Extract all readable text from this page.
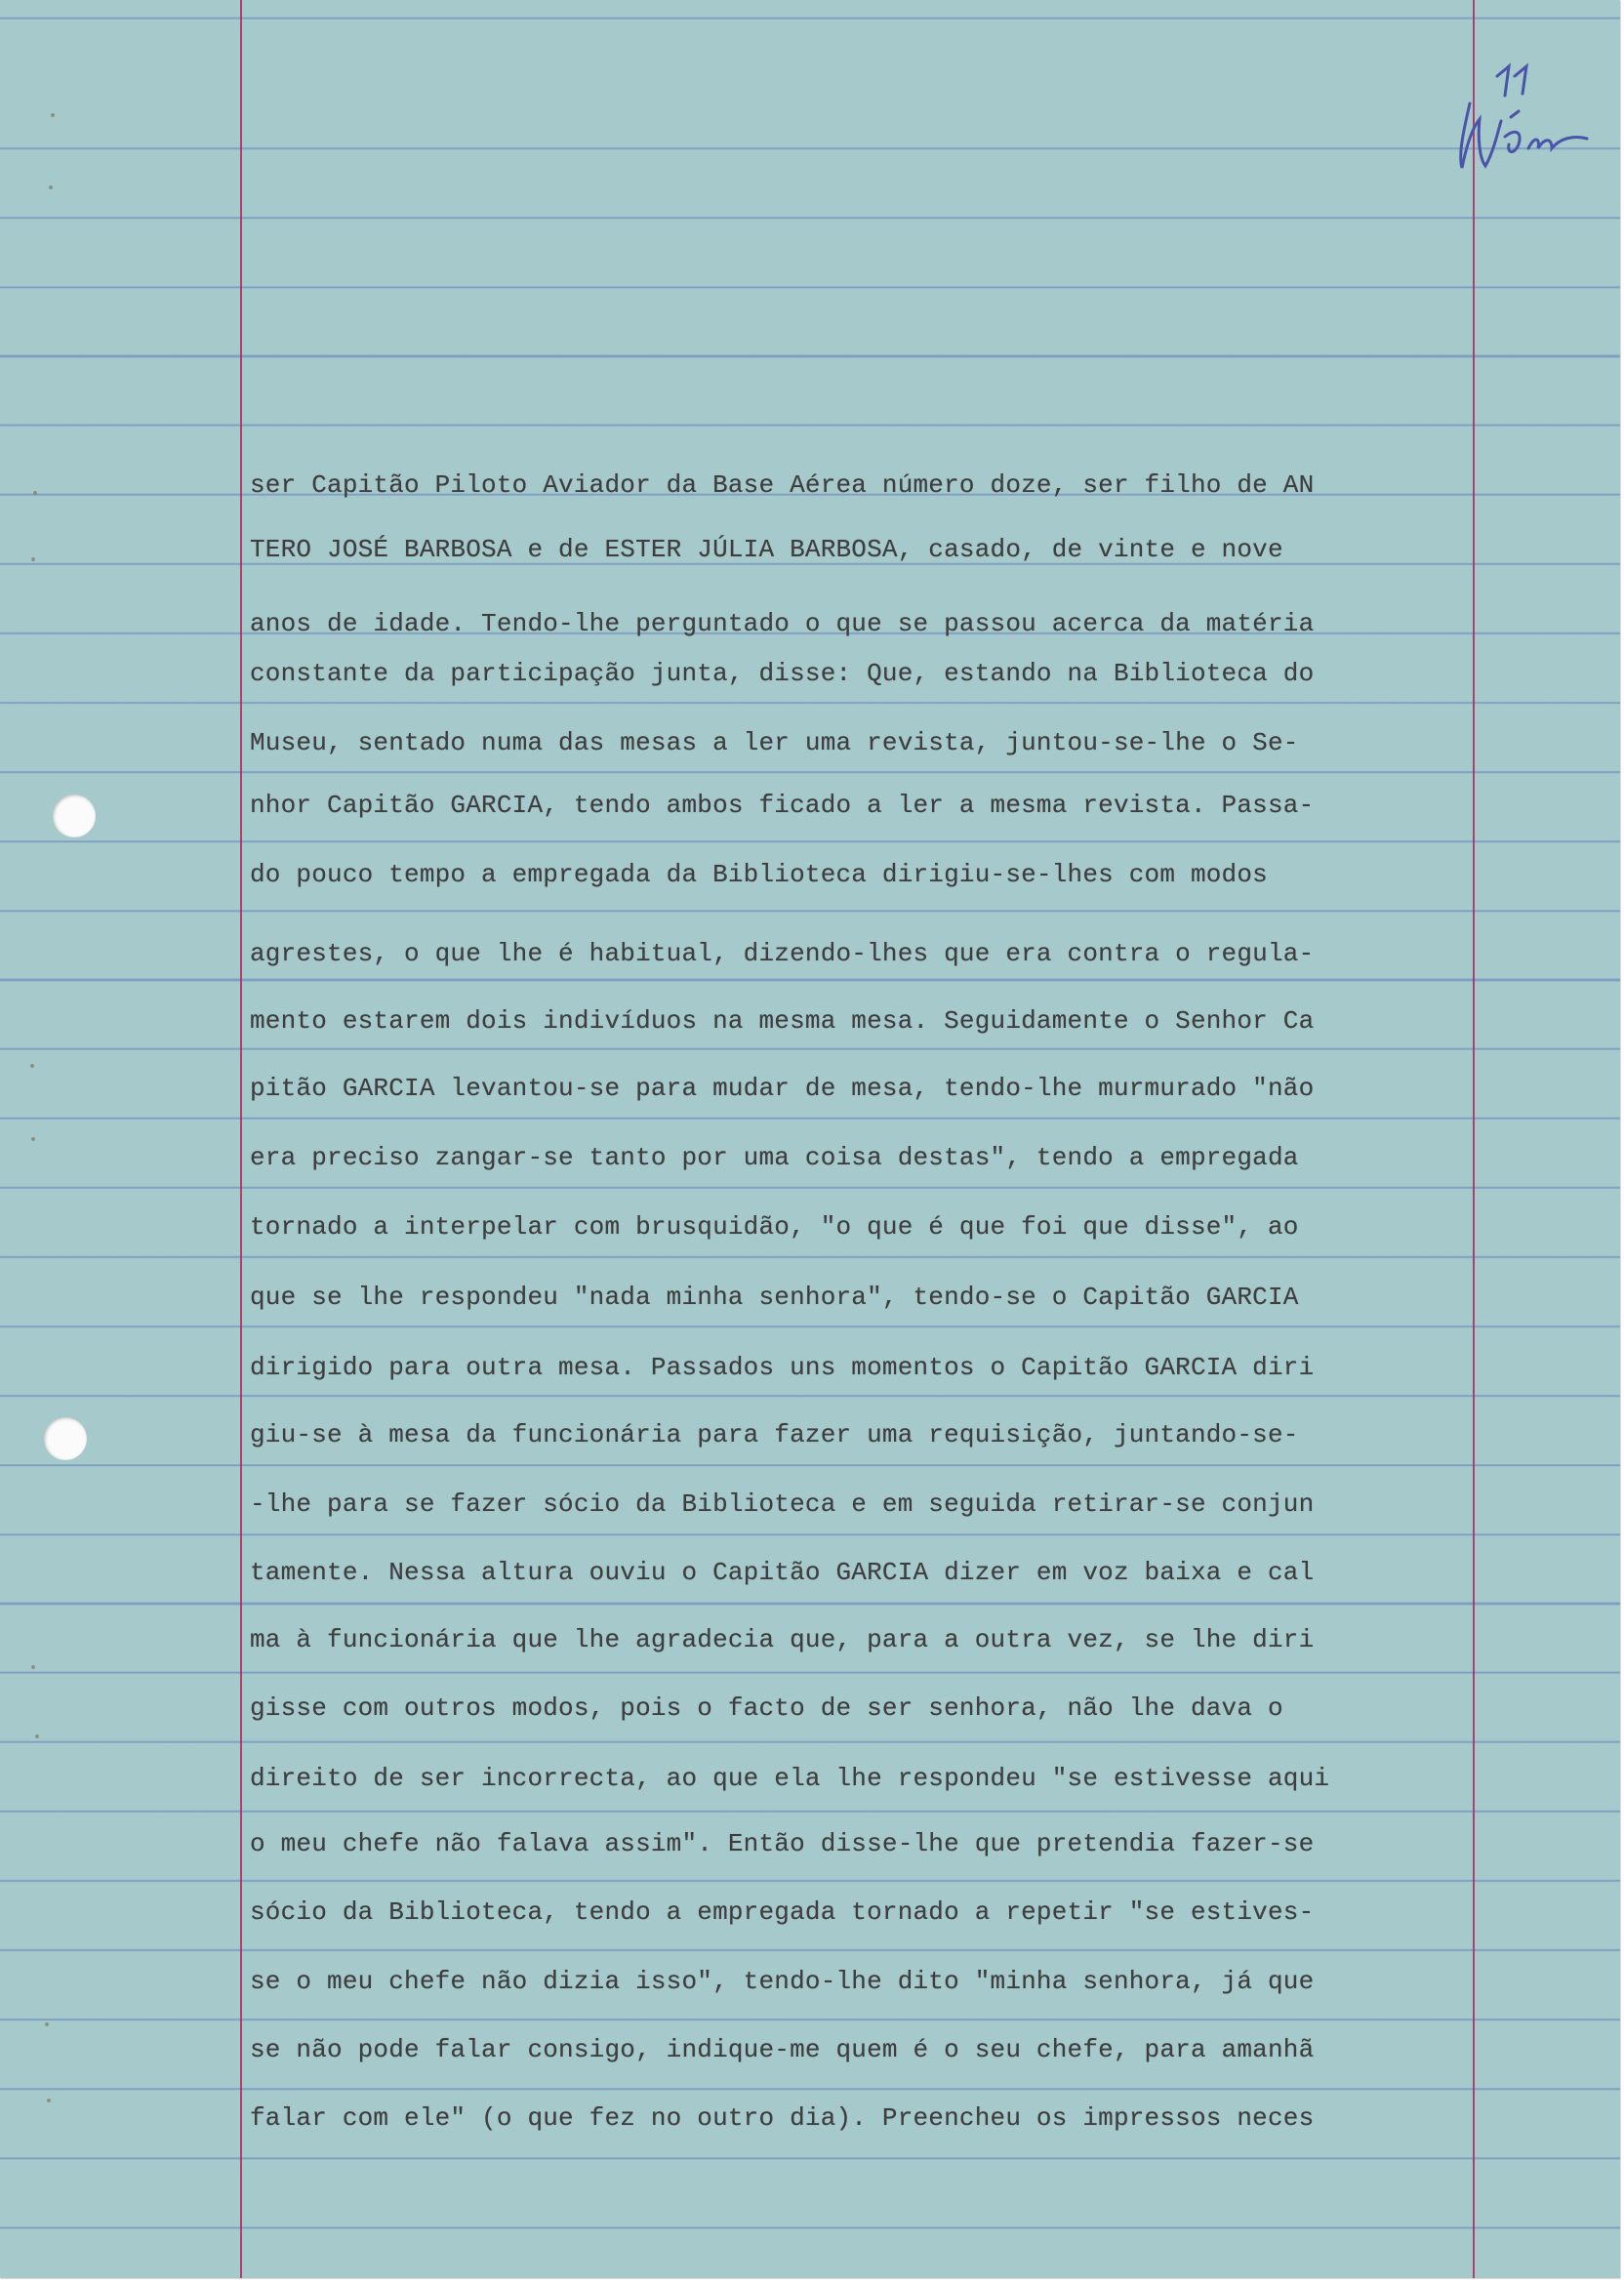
ser Capitão Piloto Aviador da Base Aérea número doze, ser filho de AN
TERO JOSÉ BARBOSA e de ESTER JÚLIA BARBOSA, casado, de vinte e nove
anos de idade. Tendo-lhe perguntado o que se passou acerca da matéria
constante da participação junta, disse: Que, estando na Biblioteca do
Museu, sentado numa das mesas a ler uma revista, juntou-se-lhe o Se-
nhor Capitão GARCIA, tendo ambos ficado a ler a mesma revista. Passa-
do pouco tempo a empregada da Biblioteca dirigiu-se-lhes com modos
agrestes, o que lhe é habitual, dizendo-lhes que era contra o regula-
mento estarem dois indivíduos na mesma mesa. Seguidamente o Senhor Ca
pitão GARCIA levantou-se para mudar de mesa, tendo-lhe murmurado "não
era preciso zangar-se tanto por uma coisa destas", tendo a empregada
tornado a interpelar com brusquidão, "o que é que foi que disse", ao
que se lhe respondeu "nada minha senhora", tendo-se o Capitão GARCIA
dirigido para outra mesa. Passados uns momentos o Capitão GARCIA diri
giu-se à mesa da funcionária para fazer uma requisição, juntando-se-
-lhe para se fazer sócio da Biblioteca e em seguida retirar-se conjun
tamente. Nessa altura ouviu o Capitão GARCIA dizer em voz baixa e cal
ma à funcionária que lhe agradecia que, para a outra vez, se lhe diri
gisse com outros modos, pois o facto de ser senhora, não lhe dava o
direito de ser incorrecta, ao que ela lhe respondeu "se estivesse aqui
o meu chefe não falava assim". Então disse-lhe que pretendia fazer-se
sócio da Biblioteca, tendo a empregada tornado a repetir "se estives-
se o meu chefe não dizia isso", tendo-lhe dito "minha senhora, já que
se não pode falar consigo, indique-me quem é o seu chefe, para amanhã
falar com ele" (o que fez no outro dia). Preencheu os impressos neces
